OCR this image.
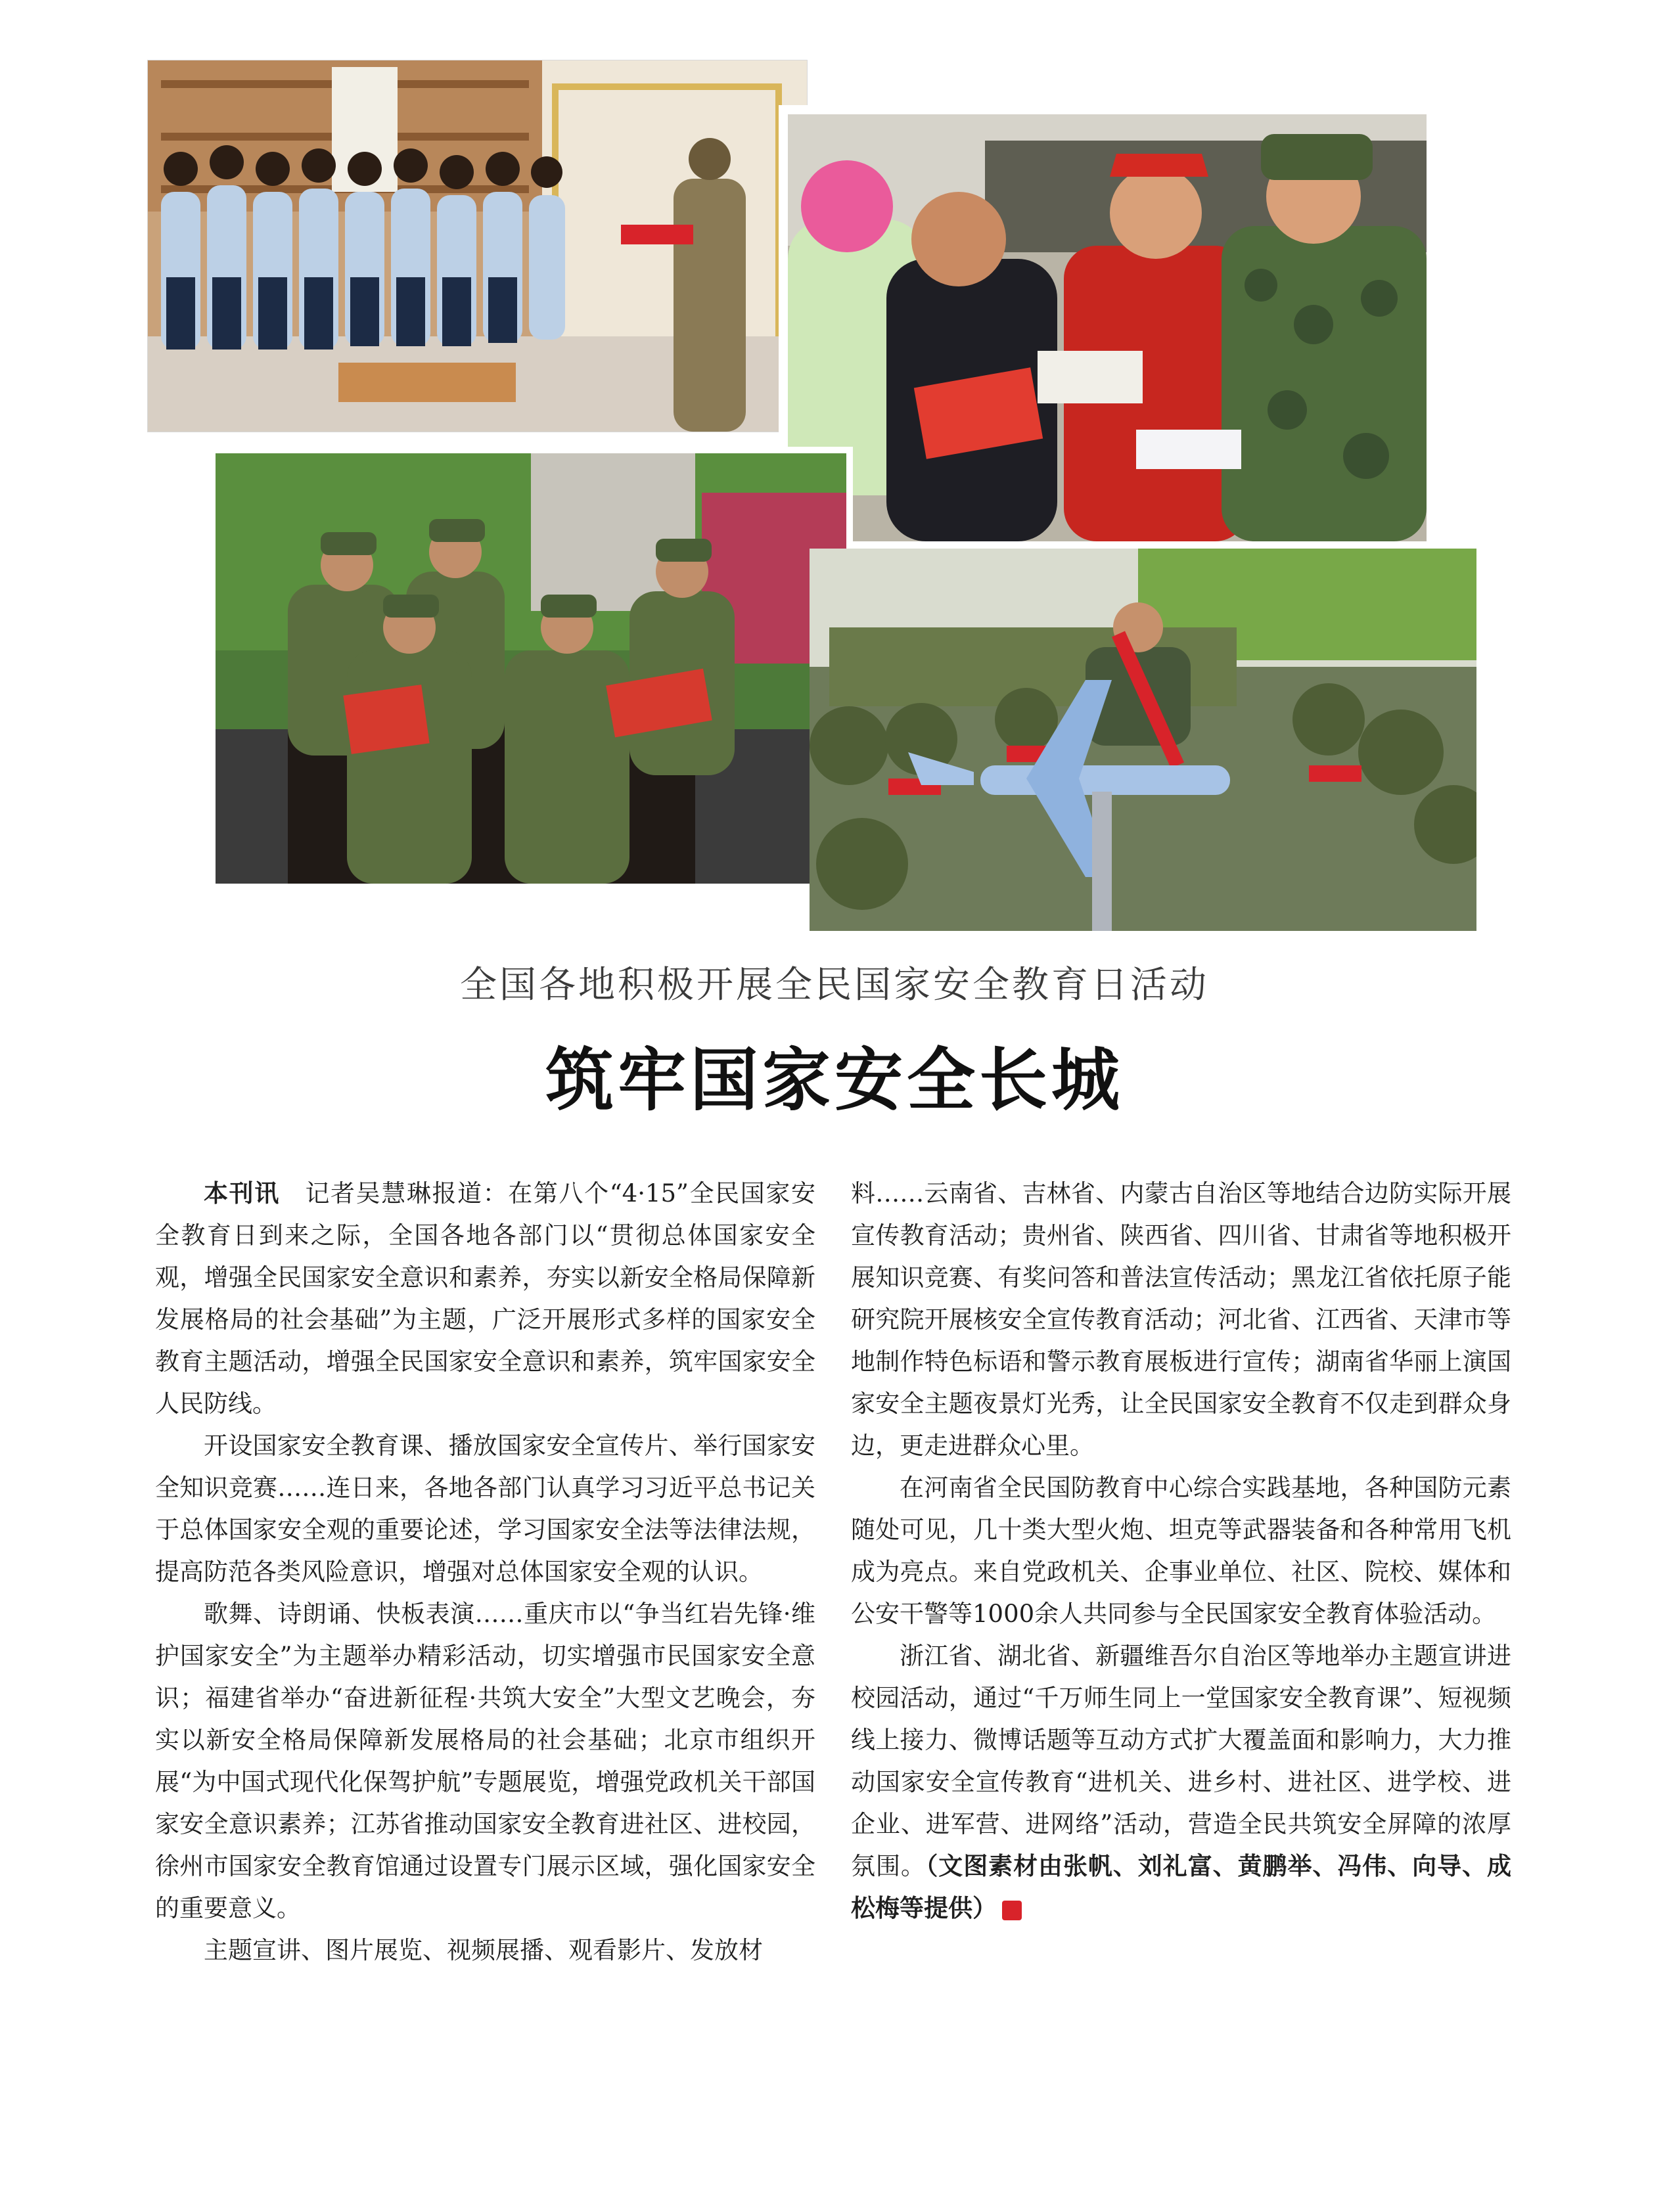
全国各地积极开展全民国家安全教育日活动
筑牢国家安全长城

本刊讯　 记者吴慧琳报道：在第八个“4·15”全民国家安全教育日到来之际，全国各地各部门以“贯彻总体国家安全观，增强全民国家安全意识和素养，夯实以新安全格局保障新发展格局的社会基础”为主题，广泛开展形式多样的国家安全教育主题活动，增强全民国家安全意识和素养，筑牢国家安全人民防线。

开设国家安全教育课、播放国家安全宣传片、举行国家安全知识竞赛……连日来，各地各部门认真学习习近平总书记关于总体国家安全观的重要论述，学习国家安全法等法律法规，提高防范各类风险意识，增强对总体国家安全观的认识。

歌舞、诗朗诵、快板表演……重庆市以“争当红岩先锋·维护国家安全”为主题举办精彩活动，切实增强市民国家安全意识；福建省举办“奋进新征程·共筑大安全”大型文艺晚会，夯实以新安全格局保障新发展格局的社会基础；北京市组织开展“为中国式现代化保驾护航”专题展览，增强党政机关干部国家安全意识素养；江苏省推动国家安全教育进社区、进校园，徐州市国家安全教育馆通过设置专门展示区域，强化国家安全的重要意义。

主题宣讲、图片展览、视频展播、观看影片、发放材

料……云南省、吉林省、内蒙古自治区等地结合边防实际开展宣传教育活动；贵州省、陕西省、四川省、甘肃省等地积极开展知识竞赛、有奖问答和普法宣传活动；黑龙江省依托原子能研究院开展核安全宣传教育活动；河北省、江西省、天津市等地制作特色标语和警示教育展板进行宣传；湖南省华丽上演国家安全主题夜景灯光秀，让全民国家安全教育不仅走到群众身边，更走进群众心里。

在河南省全民国防教育中心综合实践基地，各种国防元素随处可见，几十类大型火炮、坦克等武器装备和各种常用飞机成为亮点。来自党政机关、企事业单位、社区、院校、媒体和公安干警等1000余人共同参与全民国家安全教育体验活动。

浙江省、湖北省、新疆维吾尔自治区等地举办主题宣讲进校园活动，通过“千万师生同上一堂国家安全教育课”、短视频线上接力、微博话题等互动方式扩大覆盖面和影响力，大力推动国家安全宣传教育“进机关、进乡村、进社区、进学校、进企业、进军营、进网络”活动，营造全民共筑安全屏障的浓厚氛围。（文图素材由张帆、刘礼富、黄鹏举、冯伟、向导、成松梅等提供）	G
